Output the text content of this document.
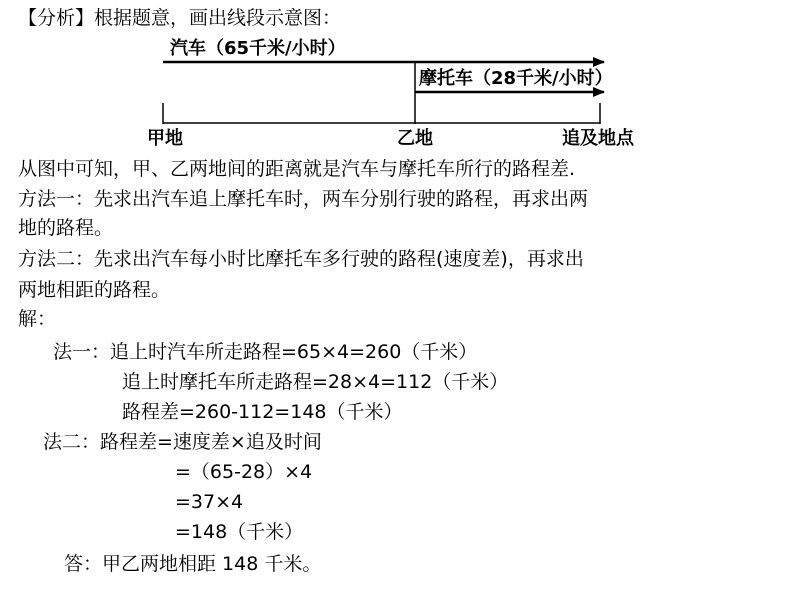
【分析】根据题意，画出线段示意图：
汽车（65千米/小时）
摩托车（28千米/小时）
甲地	乙地	追及地点
从图中可知，甲、乙两地间的距离就是汽车与摩托车所行的路程差.
方法一：先求出汽车追上摩托车时，两车分别行驶的路程，再求出两
地的路程。
方法二：先求出汽车每小时比摩托车多行驶的路程(速度差)，再求出
两地相距的路程。
解：
法一：追上时汽车所走路程=65×4=260（千米）
追上时摩托车所走路程=28×4=112（千米）
路程差=260-112=148（千米）
法二：路程差=速度差×追及时间
=（65-28）×4
=37×4
=148（千米）
答：甲乙两地相距 148 千米。
